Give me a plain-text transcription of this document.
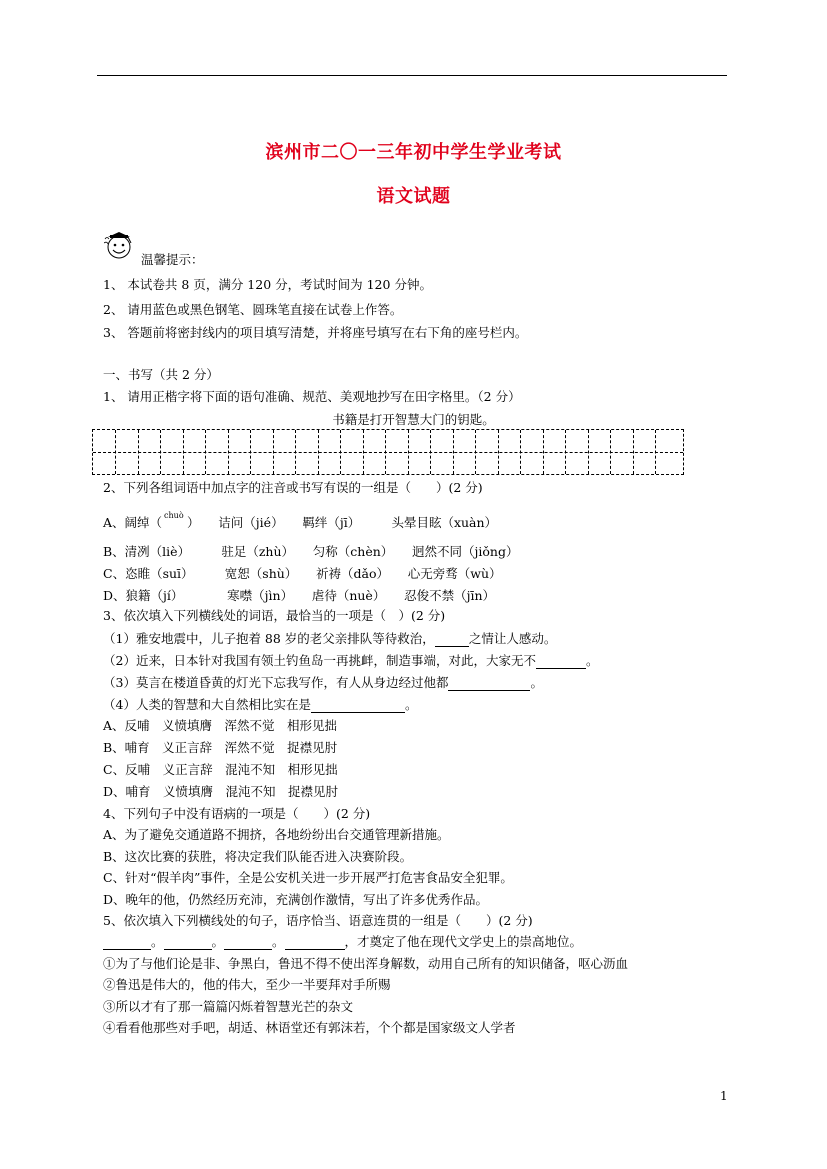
滨州市二〇一三年初中学生学业考试
语文试题
温馨提示：
1、 本试卷共 8 页，满分 120 分，考试时间为 120 分钟。
2、 请用蓝色或黑色钢笔、圆珠笔直接在试卷上作答。
3、 答题前将密封线内的项目填写清楚，并将座号填写在右下角的座号栏内。
一、书写（共 2 分）
1、 请用正楷字将下面的语句准确、规范、美观地抄写在田字格里。（2 分）
书籍是打开智慧大门的钥匙。
2、下列各组词语中加点字的注音或书写有误的一组是（　　）(2 分)
A、阔绰（ chuò
　　 ）　　诘问（jié）　　羁绊（jī）　　　头晕目眩（xuàn）
B、清冽（liè）　　　驻足（zhù）　　匀称（chèn）　　迥然不同（jiǒng）
C、恣睢（suī）　　　宽恕（shù）　　祈祷（dǎo）　　心无旁骛（wù）
D、狼籍（jí）　　　　寒噤（jìn）　　虐待（nuè）　　忍俊不禁（jīn）
3、依次填入下列横线处的词语，最恰当的一项是（　）(2 分)
（1）雅安地震中，儿子抱着 88 岁的老父亲排队等待救治，	之情让人感动。
（2）近来，日本针对我国有领土钓鱼岛一再挑衅，制造事端，对此，大家无不	。
（3）莫言在楼道昏黄的灯光下忘我写作，有人从身边经过他都	。
（4）人类的智慧和大自然相比实在是	。
A、反哺　义愤填膺　浑然不觉　相形见拙
B、哺育　义正言辞　浑然不觉　捉襟见肘
C、反哺　义正言辞　混沌不知　相形见拙
D、哺育　义愤填膺　混沌不知　捉襟见肘
4、下列句子中没有语病的一项是（　　）(2 分)
A、为了避免交通道路不拥挤，各地纷纷出台交通管理新措施。
B、这次比赛的获胜，将决定我们队能否进入决赛阶段。
C、针对“假羊肉”事件，全是公安机关进一步开展严打危害食品安全犯罪。
D、晚年的他，仍然经历充沛，充满创作激情，写出了许多优秀作品。
5、依次填入下列横线处的句子，语序恰当、语意连贯的一组是（　　）(2 分)
。	。	。	，才奠定了他在现代文学史上的崇高地位。
①为了与他们论是非、争黑白，鲁迅不得不使出浑身解数，动用自己所有的知识储备，呕心沥血
②鲁迅是伟大的，他的伟大，至少一半要拜对手所赐
③所以才有了那一篇篇闪烁着智慧光芒的杂文
④看看他那些对手吧，胡适、林语堂还有郭沫若，个个都是国家级文人学者
1
